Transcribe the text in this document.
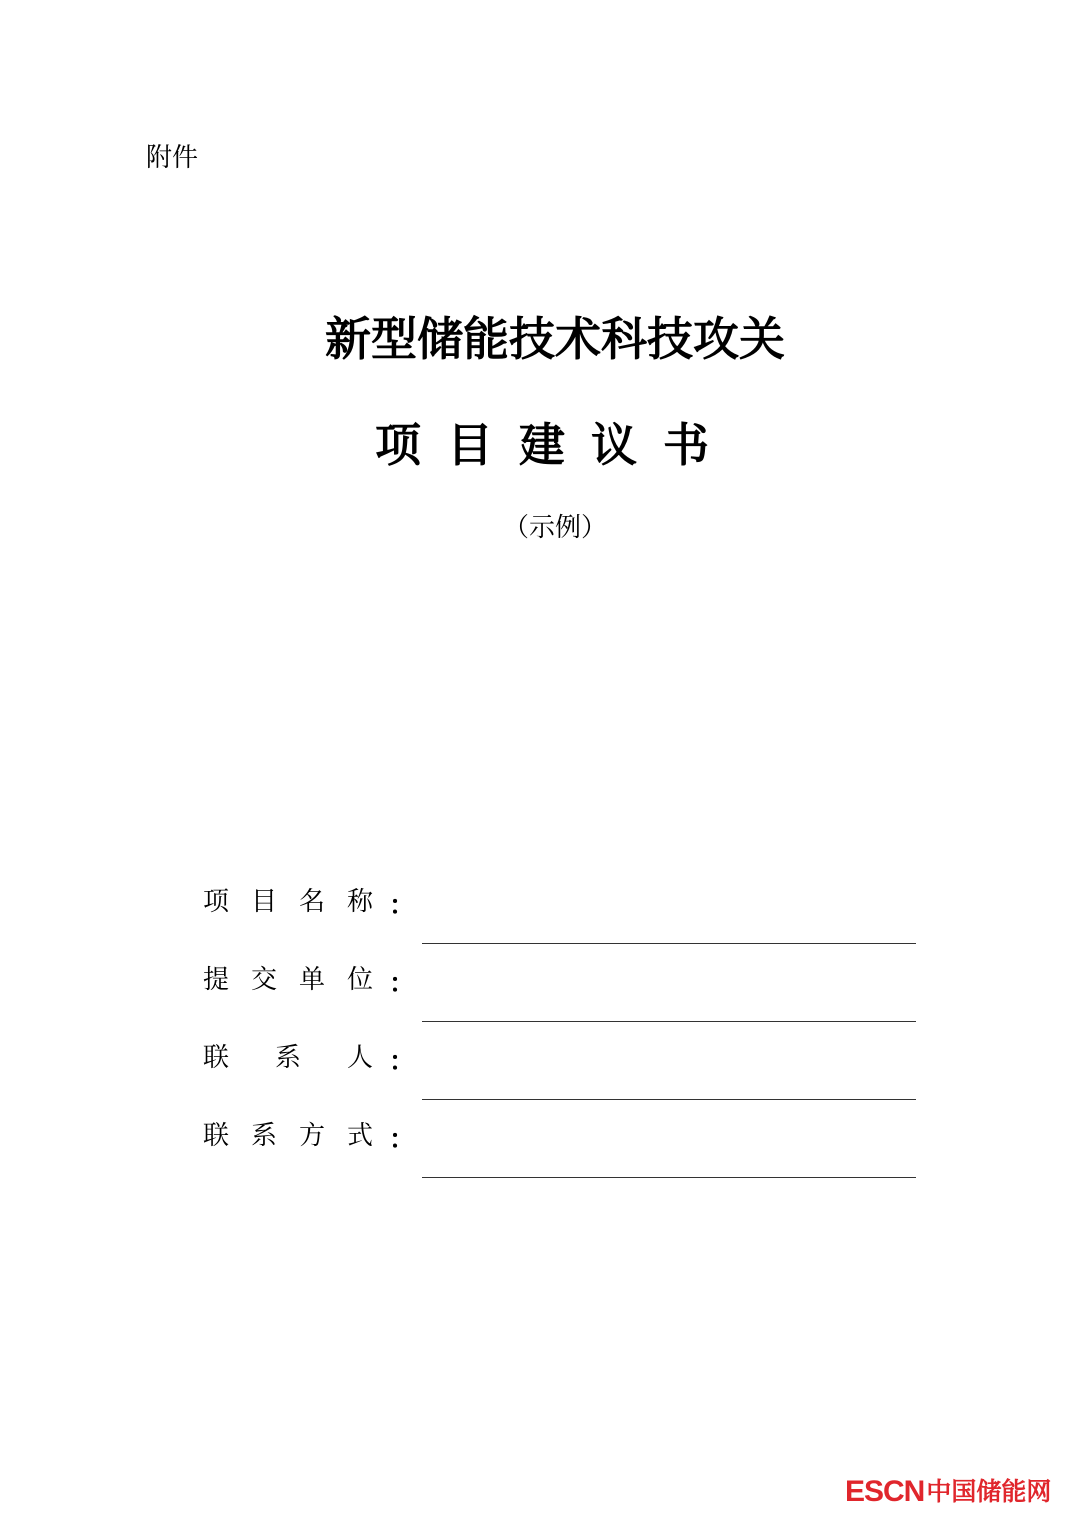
附件
新型储能技术科技攻关
项目建议书
（示例）
项 目 名 称 ：
提 交 单 位 ：
联 系 人 ：
联 系 方 式 ：
ESCN 中国储能网
